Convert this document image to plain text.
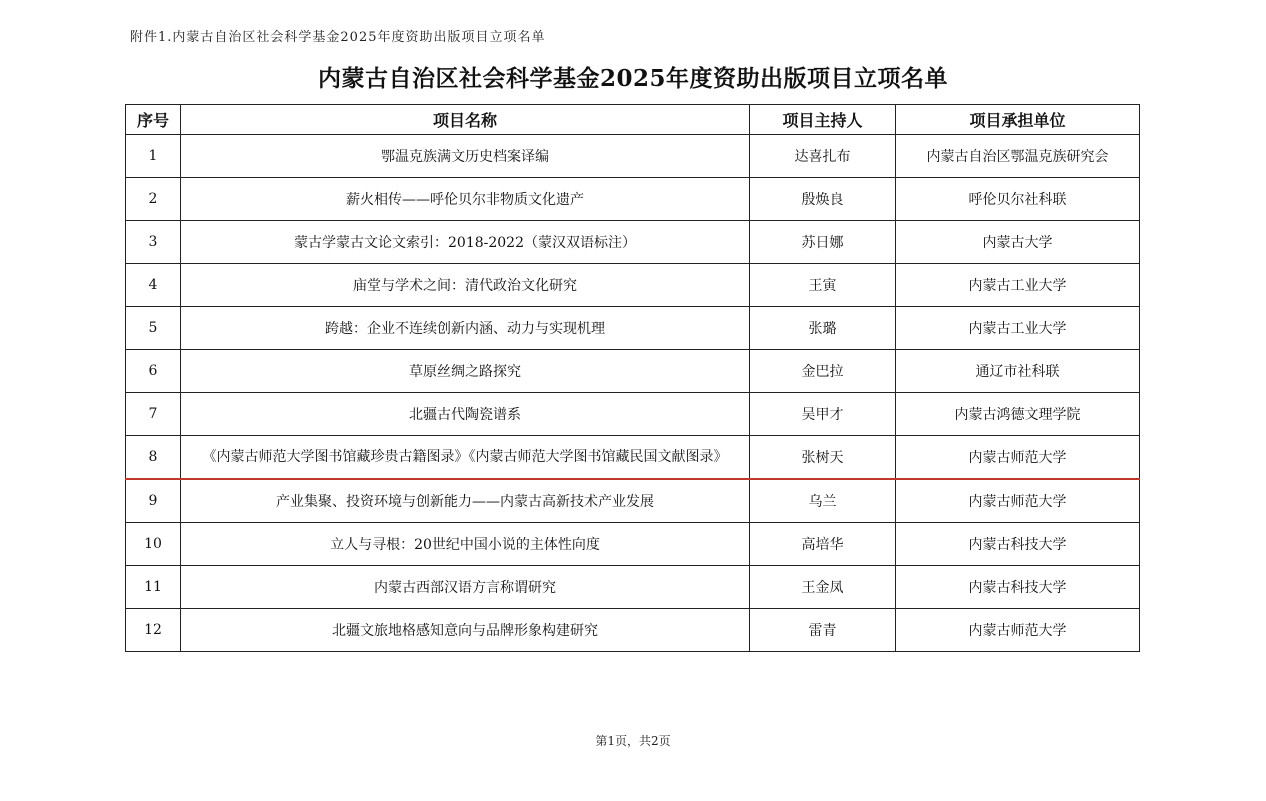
附件1.内蒙古自治区社会科学基金2025年度资助出版项目立项名单
内蒙古自治区社会科学基金2025年度资助出版项目立项名单
序号	项目名称	项目主持人	项目承担单位
1	鄂温克族满文历史档案译编	达喜扎布	内蒙古自治区鄂温克族研究会
2	薪火相传——呼伦贝尔非物质文化遗产	殷焕良	呼伦贝尔社科联
3	蒙古学蒙古文论文索引：2018-2022（蒙汉双语标注）	苏日娜	内蒙古大学
4	庙堂与学术之间：清代政治文化研究	王寅	内蒙古工业大学
5	跨越：企业不连续创新内涵、动力与实现机理	张璐	内蒙古工业大学
6	草原丝绸之路探究	金巴拉	通辽市社科联
7	北疆古代陶瓷谱系	吴甲才	内蒙古鸿德文理学院
8	《内蒙古师范大学图书馆藏珍贵古籍图录》《内蒙古师范大学图书馆藏民国文献图录》	张树天	内蒙古师范大学
9	产业集聚、投资环境与创新能力——内蒙古高新技术产业发展	乌兰	内蒙古师范大学
10	立人与寻根：20世纪中国小说的主体性向度	高培华	内蒙古科技大学
11	内蒙古西部汉语方言称谓研究	王金凤	内蒙古科技大学
12	北疆文旅地格感知意向与品牌形象构建研究	雷青	内蒙古师范大学
第1页，共2页
